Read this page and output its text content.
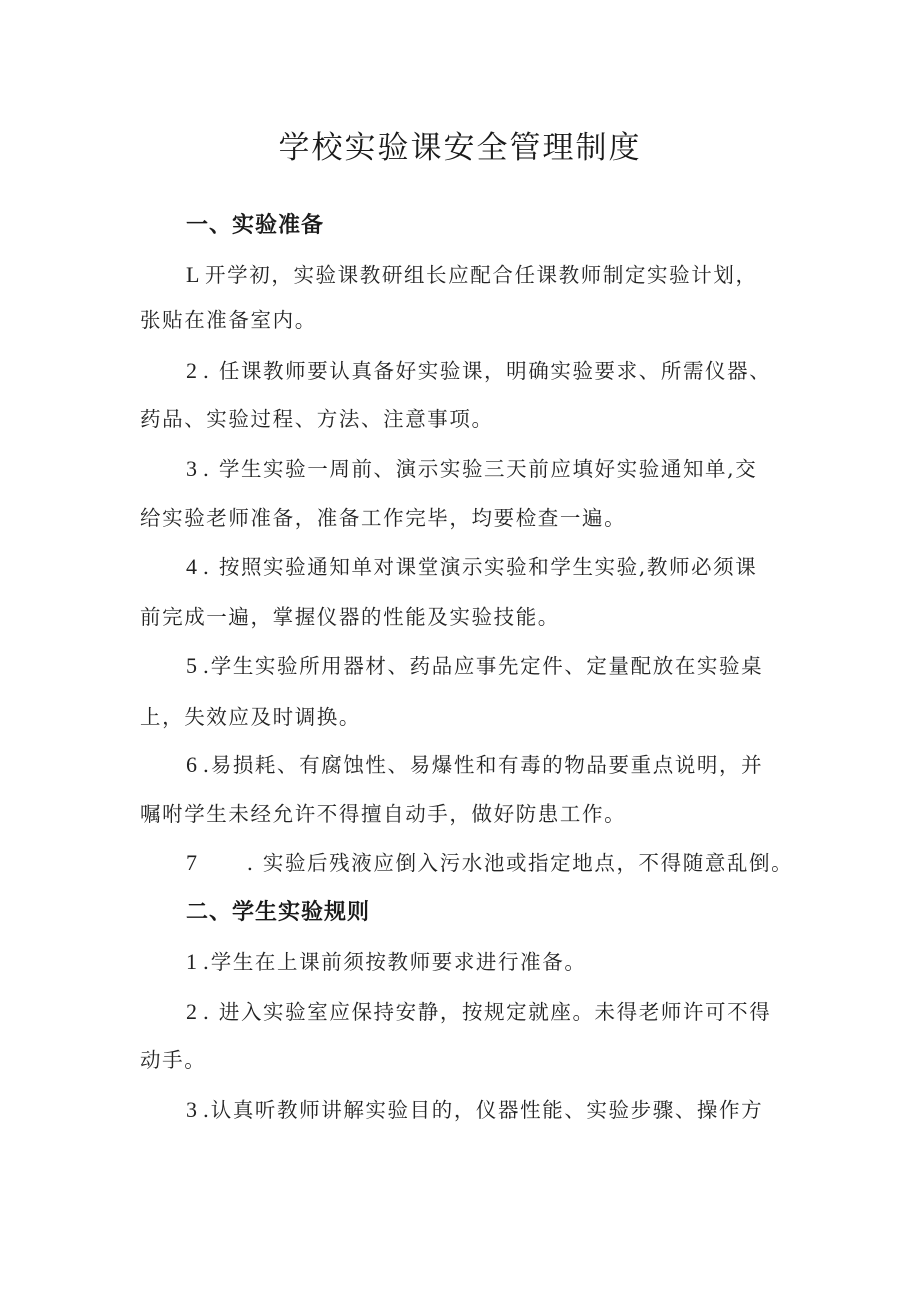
学校实验课安全管理制度
一、实验准备

L 开学初，实验课教研组长应配合任课教师制定实验计划，

张贴在准备室内。

2 . 任课教师要认真备好实验课，明确实验要求、所需仪器、

药品、实验过程、方法、注意事项。

3 . 学生实验一周前、演示实验三天前应填好实验通知单,交

给实验老师准备，准备工作完毕，均要检查一遍。

4 . 按照实验通知单对课堂演示实验和学生实验,教师必须课

前完成一遍，掌握仪器的性能及实验技能。

5 .学生实验所用器材、药品应事先定件、定量配放在实验桌

上，失效应及时调换。

6 .易损耗、有腐蚀性、易爆性和有毒的物品要重点说明，并

嘱咐学生未经允许不得擅自动手，做好防患工作。

7 . 实验后残液应倒入污水池或指定地点，不得随意乱倒。

二、学生实验规则

1 .学生在上课前须按教师要求进行准备。

2 . 进入实验室应保持安静，按规定就座。未得老师许可不得

动手。

3 .认真听教师讲解实验目的，仪器性能、实验步骤、操作方
